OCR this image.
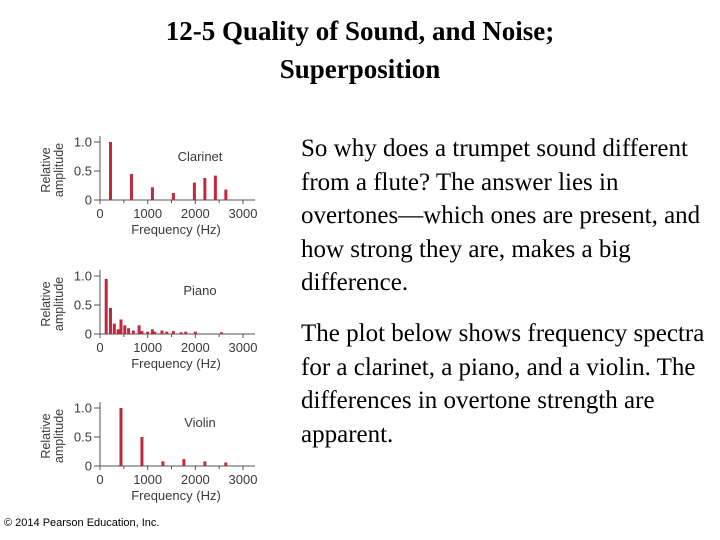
12-5 Quality of Sound, and Noise;
Superposition
0
0.5
1.0
0 1000 2000 3000
Clarinet
Frequency (Hz)
Relative amplitude
0
0.5
1.0
0 1000 2000 3000
Piano
Frequency (Hz)
Relative amplitude
0
0.5
1.0
0 1000 2000 3000
Violin
Frequency (Hz)
Relative amplitude
So why does a trumpet sound different from a flute? The answer lies in overtones—which ones are present, and how strong they are, makes a big difference.
The plot below shows frequency spectra for a clarinet, a piano, and a violin. The differences in overtone strength are apparent.
© 2014 Pearson Education, Inc.
